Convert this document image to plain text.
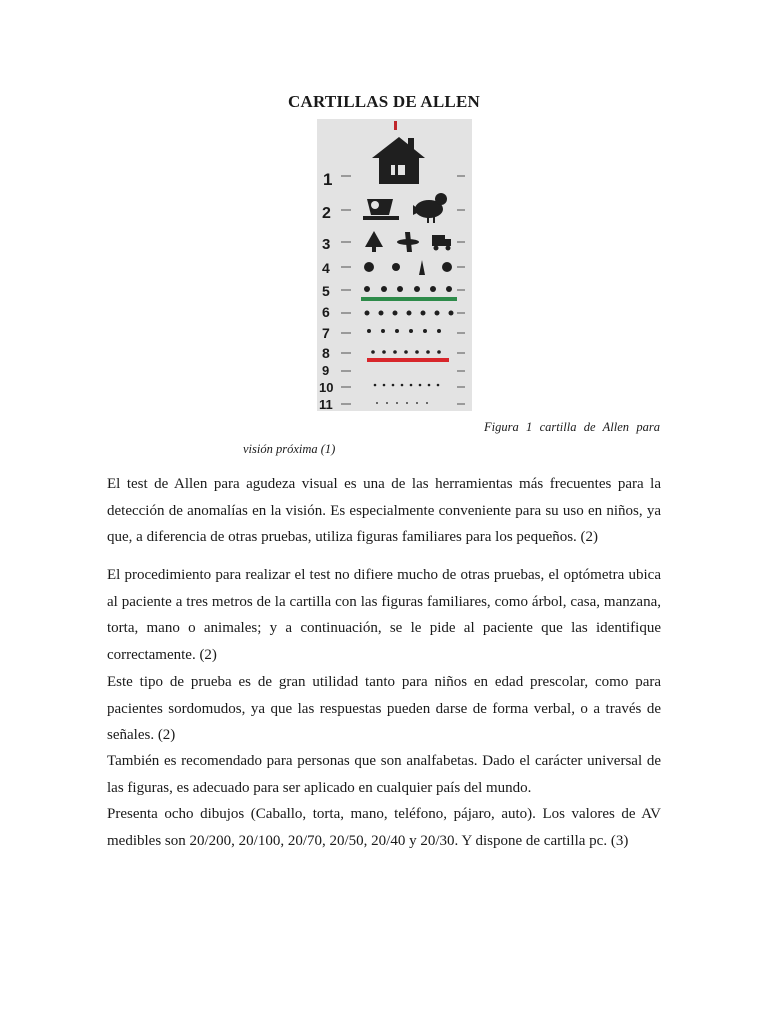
CARTILLAS DE ALLEN
1
2
3
4
5
6
7
8
9
10
11
Figura 1 cartilla de Allen para
visión próxima (1)

El test de Allen para agudeza visual es una de las herramientas más frecuentes para la detección de anomalías en la visión. Es especialmente conveniente para su uso en niños, ya que, a diferencia de otras pruebas, utiliza figuras familiares para los pequeños. (2)

El procedimiento para realizar el test no difiere mucho de otras pruebas, el optómetra ubica al paciente a tres metros de la cartilla con las figuras familiares, como árbol, casa, manzana, torta, mano o animales; y a continuación, se le pide al paciente que las identifique correctamente. (2)

Este tipo de prueba es de gran utilidad tanto para niños en edad prescolar, como para pacientes sordomudos, ya que las respuestas pueden darse de forma verbal, o a través de señales. (2)

También es recomendado para personas que son analfabetas. Dado el carácter universal de las figuras, es adecuado para ser aplicado en cualquier país del mundo.

Presenta ocho dibujos (Caballo, torta, mano, teléfono, pájaro, auto). Los valores de AV medibles son 20/200, 20/100, 20/70, 20/50, 20/40 y 20/30. Y dispone de cartilla pc. (3)
